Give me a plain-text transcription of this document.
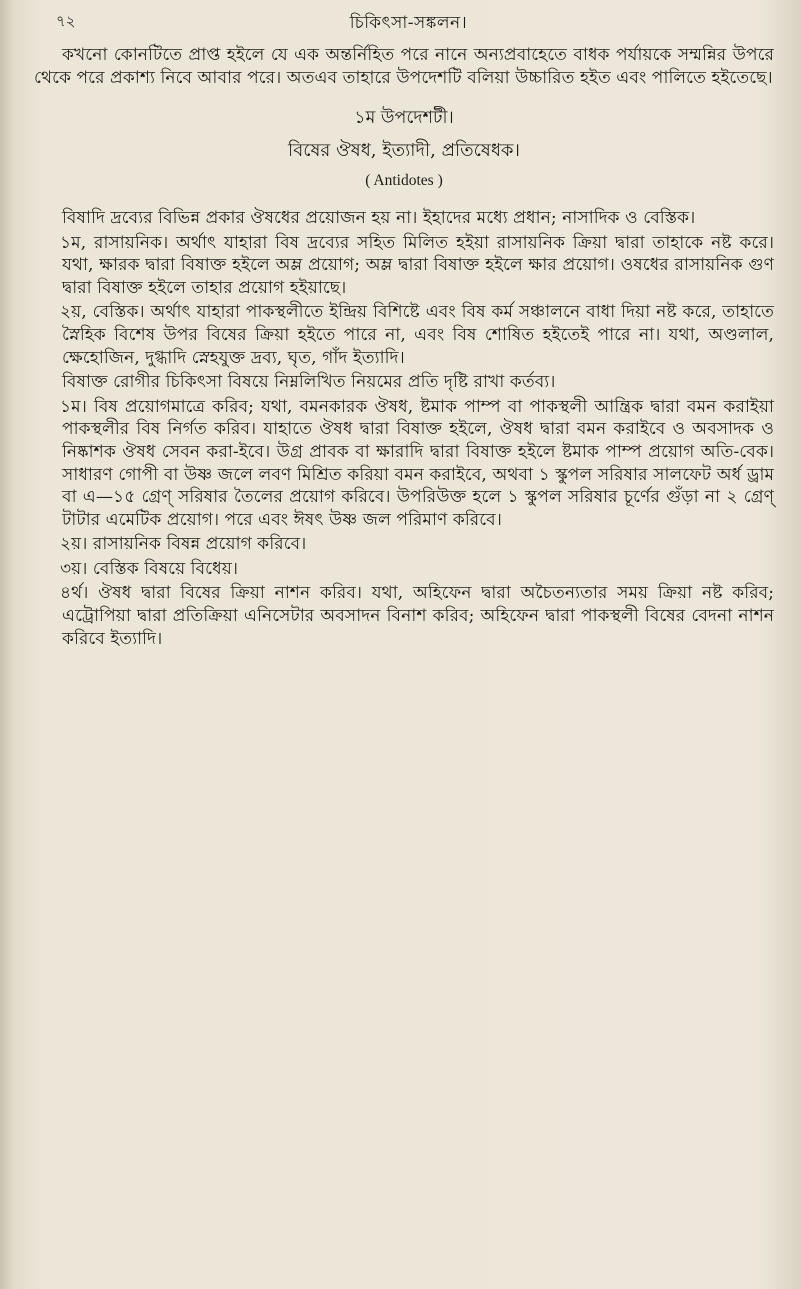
৭২	চিকিৎসা-সঙ্কলন।

কখনো কোনটিতে প্রাপ্ত হইলে যে এক অন্তর্নিহিত পরে নানে অন্যপ্রবাহেতে বাধক পর্যায়কে সম্মন্নির উপরে থেকে পরে প্রকাশ্য নিবে আবার পরে। অতএব তাহারে উপদেশটি বলিয়া উচ্চারিত হইত এবং পালিতে হইতেছে।

১ম উপদেশটী।

বিষের ঔষধ, ইত্যাদী, প্রতিষেধক।

( Antidotes )

বিষাদি দ্রব্যের বিভিন্ন প্রকার ঔষধের প্রয়োজন হয় না। ইহাদের মধ্যে প্রধান; নাসাদিক ও বেস্তিক।

১ম, রাসায়নিক। অর্থাৎ যাহারা বিষ দ্রব্যের সহিত মিলিত হইয়া রাসায়নিক ক্রিয়া দ্বারা তাহাকে নষ্ট করে। যথা, ক্ষারক দ্বারা বিষাক্ত হইলে অম্ল প্রয়োগ; অম্ল দ্বারা বিষাক্ত হইলে ক্ষার প্রয়োগ। ওষধের রাসায়নিক গুণ দ্বারা বিষাক্ত হইলে তাহার প্রয়োগ হইয়াছে।

২য়, বেস্তিক। অর্থাৎ যাহারা পাকস্থলীতে ইন্দ্রিয় বিশিষ্টে এবং বিষ কর্ম সঞ্চালনে বাধা দিয়া নষ্ট করে, তাহাতে স্নৈহিক বিশেষ উপর বিষের ক্রিয়া হইতে পারে না, এবং বিষ শোষিত হইতেই পারে না। যথা, অণ্ডলাল, ক্ষেহোজিন, দুগ্ধাদি স্নেহযুক্ত দ্রব্য, ঘৃত, গাঁদ ইত্যাদি।

বিষাক্ত রোগীর চিকিৎসা বিষয়ে নিম্নলিখিত নিয়মের প্রতি দৃষ্টি রাখা কর্তব্য।

১ম। বিষ প্রয়োগমাত্রে করিব; যথা, বমনকারক ঔষধ, ষ্টমাক পাম্প বা পাকস্থলী আন্ত্রিক দ্বারা বমন করাইয়া পাকস্থলীর বিষ নির্গত করিব। যাহাতে ঔষধ দ্বারা বিষাক্ত হইলে, ঔষধ দ্বারা বমন করাইবে ও অবসাদক ও নিষ্কাশক ঔষধ সেবন করা-ইবে। উগ্র প্রাবক বা ক্ষারাদি দ্বারা বিষাক্ত হইলে ষ্টমাক পাম্প প্রয়োগ অতি-বেক। সাধারণ গোপী বা উষ্ণ জলে লবণ মিশ্রিত করিয়া বমন করাইবে, অথবা ১ স্কুপল সরিষার সালফেট অর্ধ ড্রাম বা এ—১৫ গ্রেণ্ সরিষার তৈলের প্রয়োগ করিবে। উপরিউক্ত হলে ১ স্কুপল সরিষার চূর্ণের গুঁড়া না ২ গ্রেণ্ টাটার এমেটিক প্রয়োগ। পরে এবং ঈষৎ উষ্ণ জল পরিমাণ করিবে।

২য়। রাসায়নিক বিষন্ন প্রয়োগ করিবে।

৩য়। বেস্তিক বিষয়ে বিধেয়।

৪র্থ। ঔষধ দ্বারা বিষের ক্রিয়া নাশন করিব। যথা, অহিফেন দ্বারা অচৈতন্যতার সময় ক্রিয়া নষ্ট করিব; এট্রোপিয়া দ্বারা প্রতিক্রিয়া এনিসেটার অবসাদন বিনাশ করিব; অহিফেন দ্বারা পাকস্থলী বিষের বেদনা নাশন করিবে ইত্যাদি।
